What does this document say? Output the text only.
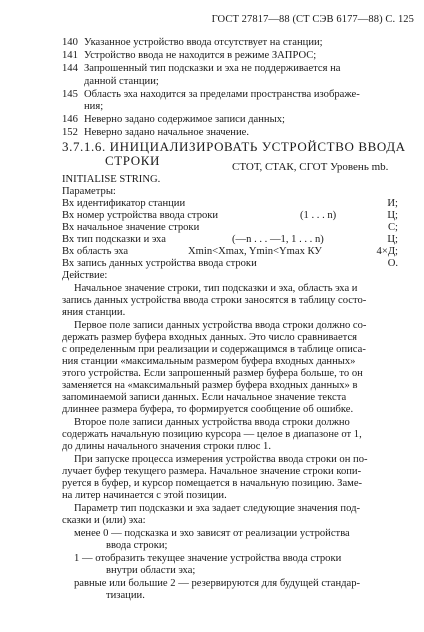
ГОСТ 27817—88 (СТ СЭВ 6177—88) С. 125
140 Указанное устройство ввода отсутствует на станции;
141 Устройство ввода не находится в режиме ЗАПРОС;
144 Запрошенный тип подсказки и эха не поддерживается на
данной станции;
145 Область эха находится за пределами пространства изображе-
ния;
146 Неверно задано содержимое записи данных;
152 Неверно задано начальное значение.
3.7.1.6. ИНИЦИАЛИЗИРОВАТЬ УСТРОЙСТВО ВВОДА
СТРОКИ	СТОТ, СТАК, СГОТ Уровень mb.
INITIALISE STRING.
Параметры:
Вх идентификатор станции	И;
Вх номер устройства ввода строки	(1 . . . n)	Ц;
Вх начальное значение строки	С;
Вх тип подсказки и эха	(—n . . . —1, 1 . . . n)	Ц;
Вх область эха	Xmin<Xmax, Ymin<Ymax КУ	4×Д;
Вх запись данных устройства ввода строки	О.
Действие:
Начальное значение строки, тип подсказки и эха, область эха и
запись данных устройства ввода строки заносятся в таблицу состо-
яния станции.
Первое поле записи данных устройства ввода строки должно со-
держать размер буфера входных данных. Это число сравнивается
с определенным при реализации и содержащимся в таблице описа-
ния станции «максимальным размером буфера входных данных»
этого устройства. Если запрошенный размер буфера больше, то он
заменяется на «максимальный размер буфера входных данных» в
запоминаемой записи данных. Если начальное значение текста
длиннее размера буфера, то формируется сообщение об ошибке.
Второе поле записи данных устройства ввода строки должно
содержать начальную позицию курсора — целое в диапазоне от 1,
до длины начального значения строки плюс 1.
При запуске процесса измерения устройства ввода строки он по-
лучает буфер текущего размера. Начальное значение строки копи-
руется в буфер, и курсор помещается в начальную позицию. Заме-
на литер начинается с этой позиции.
Параметр тип подсказки и эха задает следующие значения под-
сказки и (или) эха:
менее 0 — подсказка и эхо зависят от реализации устройства
ввода строки;
1 — отобразить текущее значение устройства ввода строки
внутри области эха;
равные или большие 2 — резервируются для будущей стандар-
тизации.
